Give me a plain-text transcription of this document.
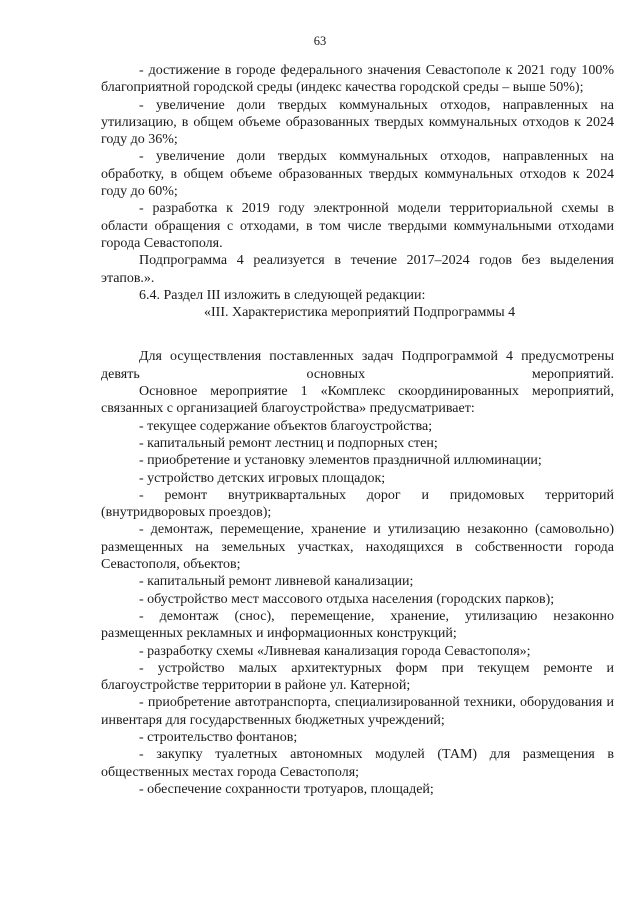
63

- достижение в городе федерального значения Севастополе к 2021 году 100% благоприятной городской среды (индекс качества городской среды – выше 50%);

- увеличение доли твердых коммунальных отходов, направленных на утилизацию, в общем объеме образованных твердых коммунальных отходов к 2024 году до 36%;

- увеличение доли твердых коммунальных отходов, направленных на обработку, в общем объеме образованных твердых коммунальных отходов к 2024 году до 60%;

- разработка к 2019 году электронной модели территориальной схемы в области обращения с отходами, в том числе твердыми коммунальными отходами города Севастополя.

Подпрограмма 4 реализуется в течение 2017–2024 годов без выделения этапов.».

6.4. Раздел III изложить в следующей редакции:

«III. Характеристика мероприятий Подпрограммы 4

Для осуществления поставленных задач Подпрограммой 4 предусмотрены девять основных мероприятий.

Основное мероприятие 1 «Комплекс скоординированных мероприятий, связанных с организацией благоустройства» предусматривает:

- текущее содержание объектов благоустройства;

- капитальный ремонт лестниц и подпорных стен;

- приобретение и установку элементов праздничной иллюминации;

- устройство детских игровых площадок;

- ремонт внутриквартальных дорог и придомовых территорий (внутридворовых проездов);

- демонтаж, перемещение, хранение и утилизацию незаконно (самовольно) размещенных на земельных участках, находящихся в собственности города Севастополя, объектов;

- капитальный ремонт ливневой канализации;

- обустройство мест массового отдыха населения (городских парков);

- демонтаж (снос), перемещение, хранение, утилизацию незаконно размещенных рекламных и информационных конструкций;

- разработку схемы «Ливневая канализация города Севастополя»;

- устройство малых архитектурных форм при текущем ремонте и благоустройстве территории в районе ул. Катерной;

- приобретение автотранспорта, специализированной техники, оборудования и инвентаря для государственных бюджетных учреждений;

- строительство фонтанов;

- закупку туалетных автономных модулей (ТАМ) для размещения в общественных местах города Севастополя;

- обеспечение сохранности тротуаров, площадей;
